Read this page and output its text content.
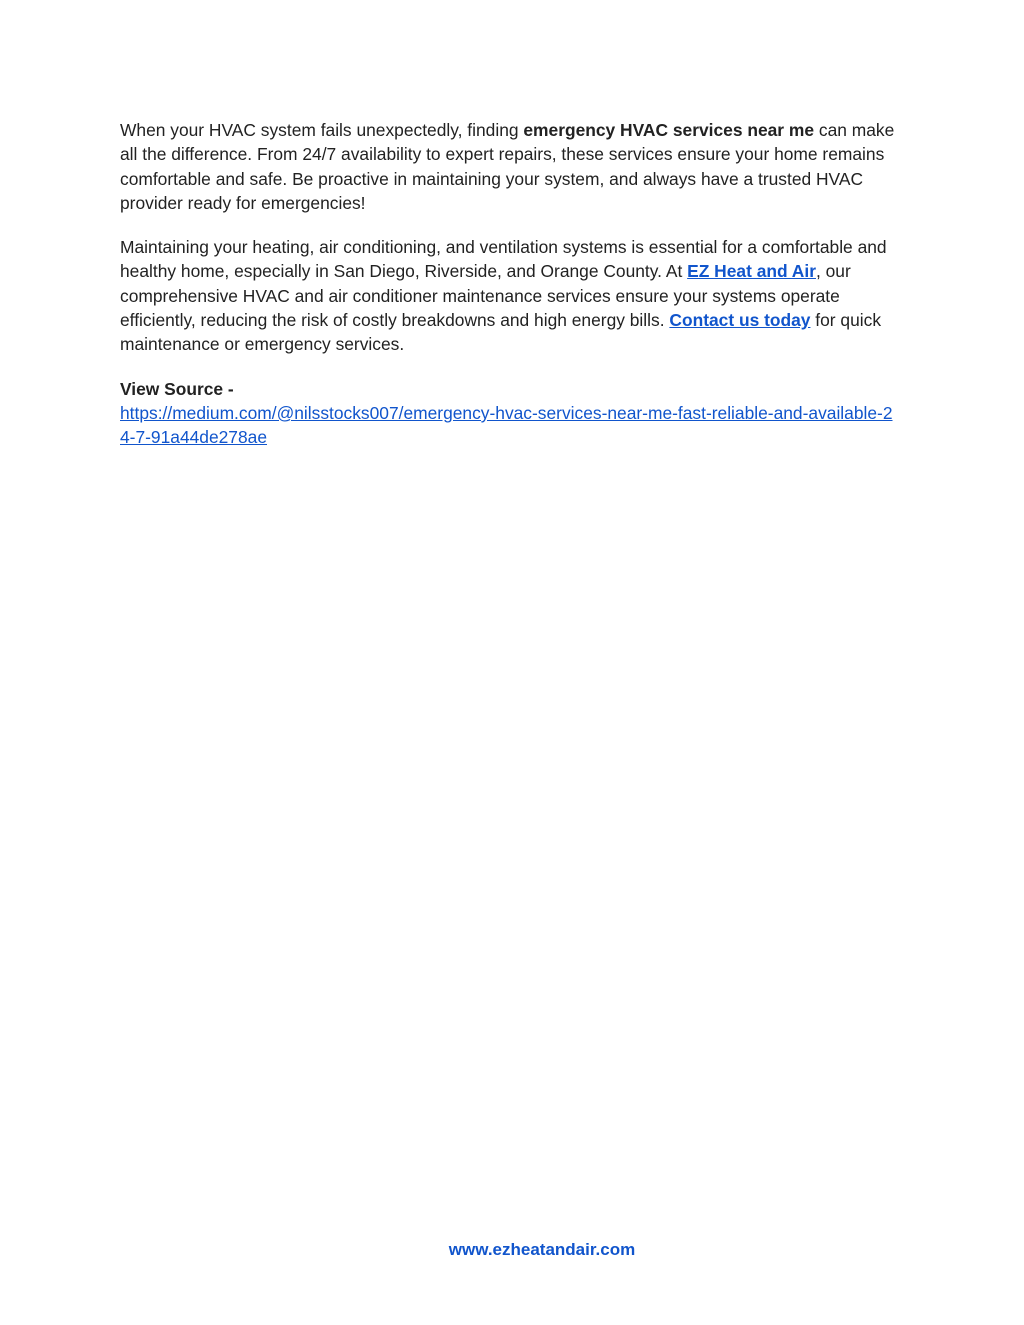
When your HVAC system fails unexpectedly, finding emergency HVAC services near me can make all the difference. From 24/7 availability to expert repairs, these services ensure your home remains comfortable and safe. Be proactive in maintaining your system, and always have a trusted HVAC provider ready for emergencies!

Maintaining your heating, air conditioning, and ventilation systems is essential for a comfortable and healthy home, especially in San Diego, Riverside, and Orange County. At EZ Heat and Air, our comprehensive HVAC and air conditioner maintenance services ensure your systems operate efficiently, reducing the risk of costly breakdowns and high energy bills. Contact us today for quick maintenance or emergency services.

View Source -
https://medium.com/@nilsstocks007/emergency-hvac-services-near-me-fast-reliable-and-available-24-7-91a44de278ae
www.ezheatandair.com
